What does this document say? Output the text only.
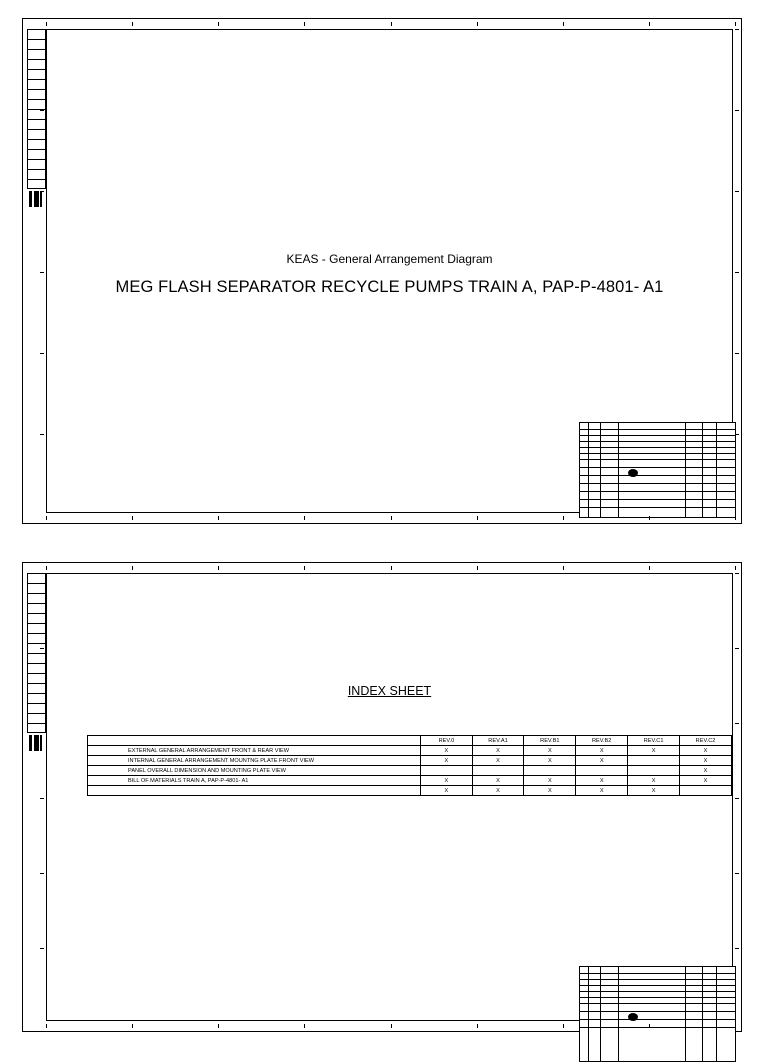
KEAS - General Arrangement Diagram
MEG FLASH SEPARATOR RECYCLE PUMPS TRAIN A, PAP-P-4801- A1
INDEX SHEET
	REV.0	REV.A1	REV.B1	REV.B2	REV.C1	REV.C2
EXTERNAL GENERAL ARRANGEMENT FRONT & REAR VIEW	X	X	X	X	X	X
INTERNAL GENERAL ARRANGEMENT MOUNTNG PLATE FRONT VIEW	X	X	X	X		X
PANEL OVERALL DIMENSION AND MOUNTING PLATE VIEW						X
BILL OF MATERIALS TRAIN A, PAP-P-4801- A1	X	X	X	X	X	X
	X	X	X	X	X	
